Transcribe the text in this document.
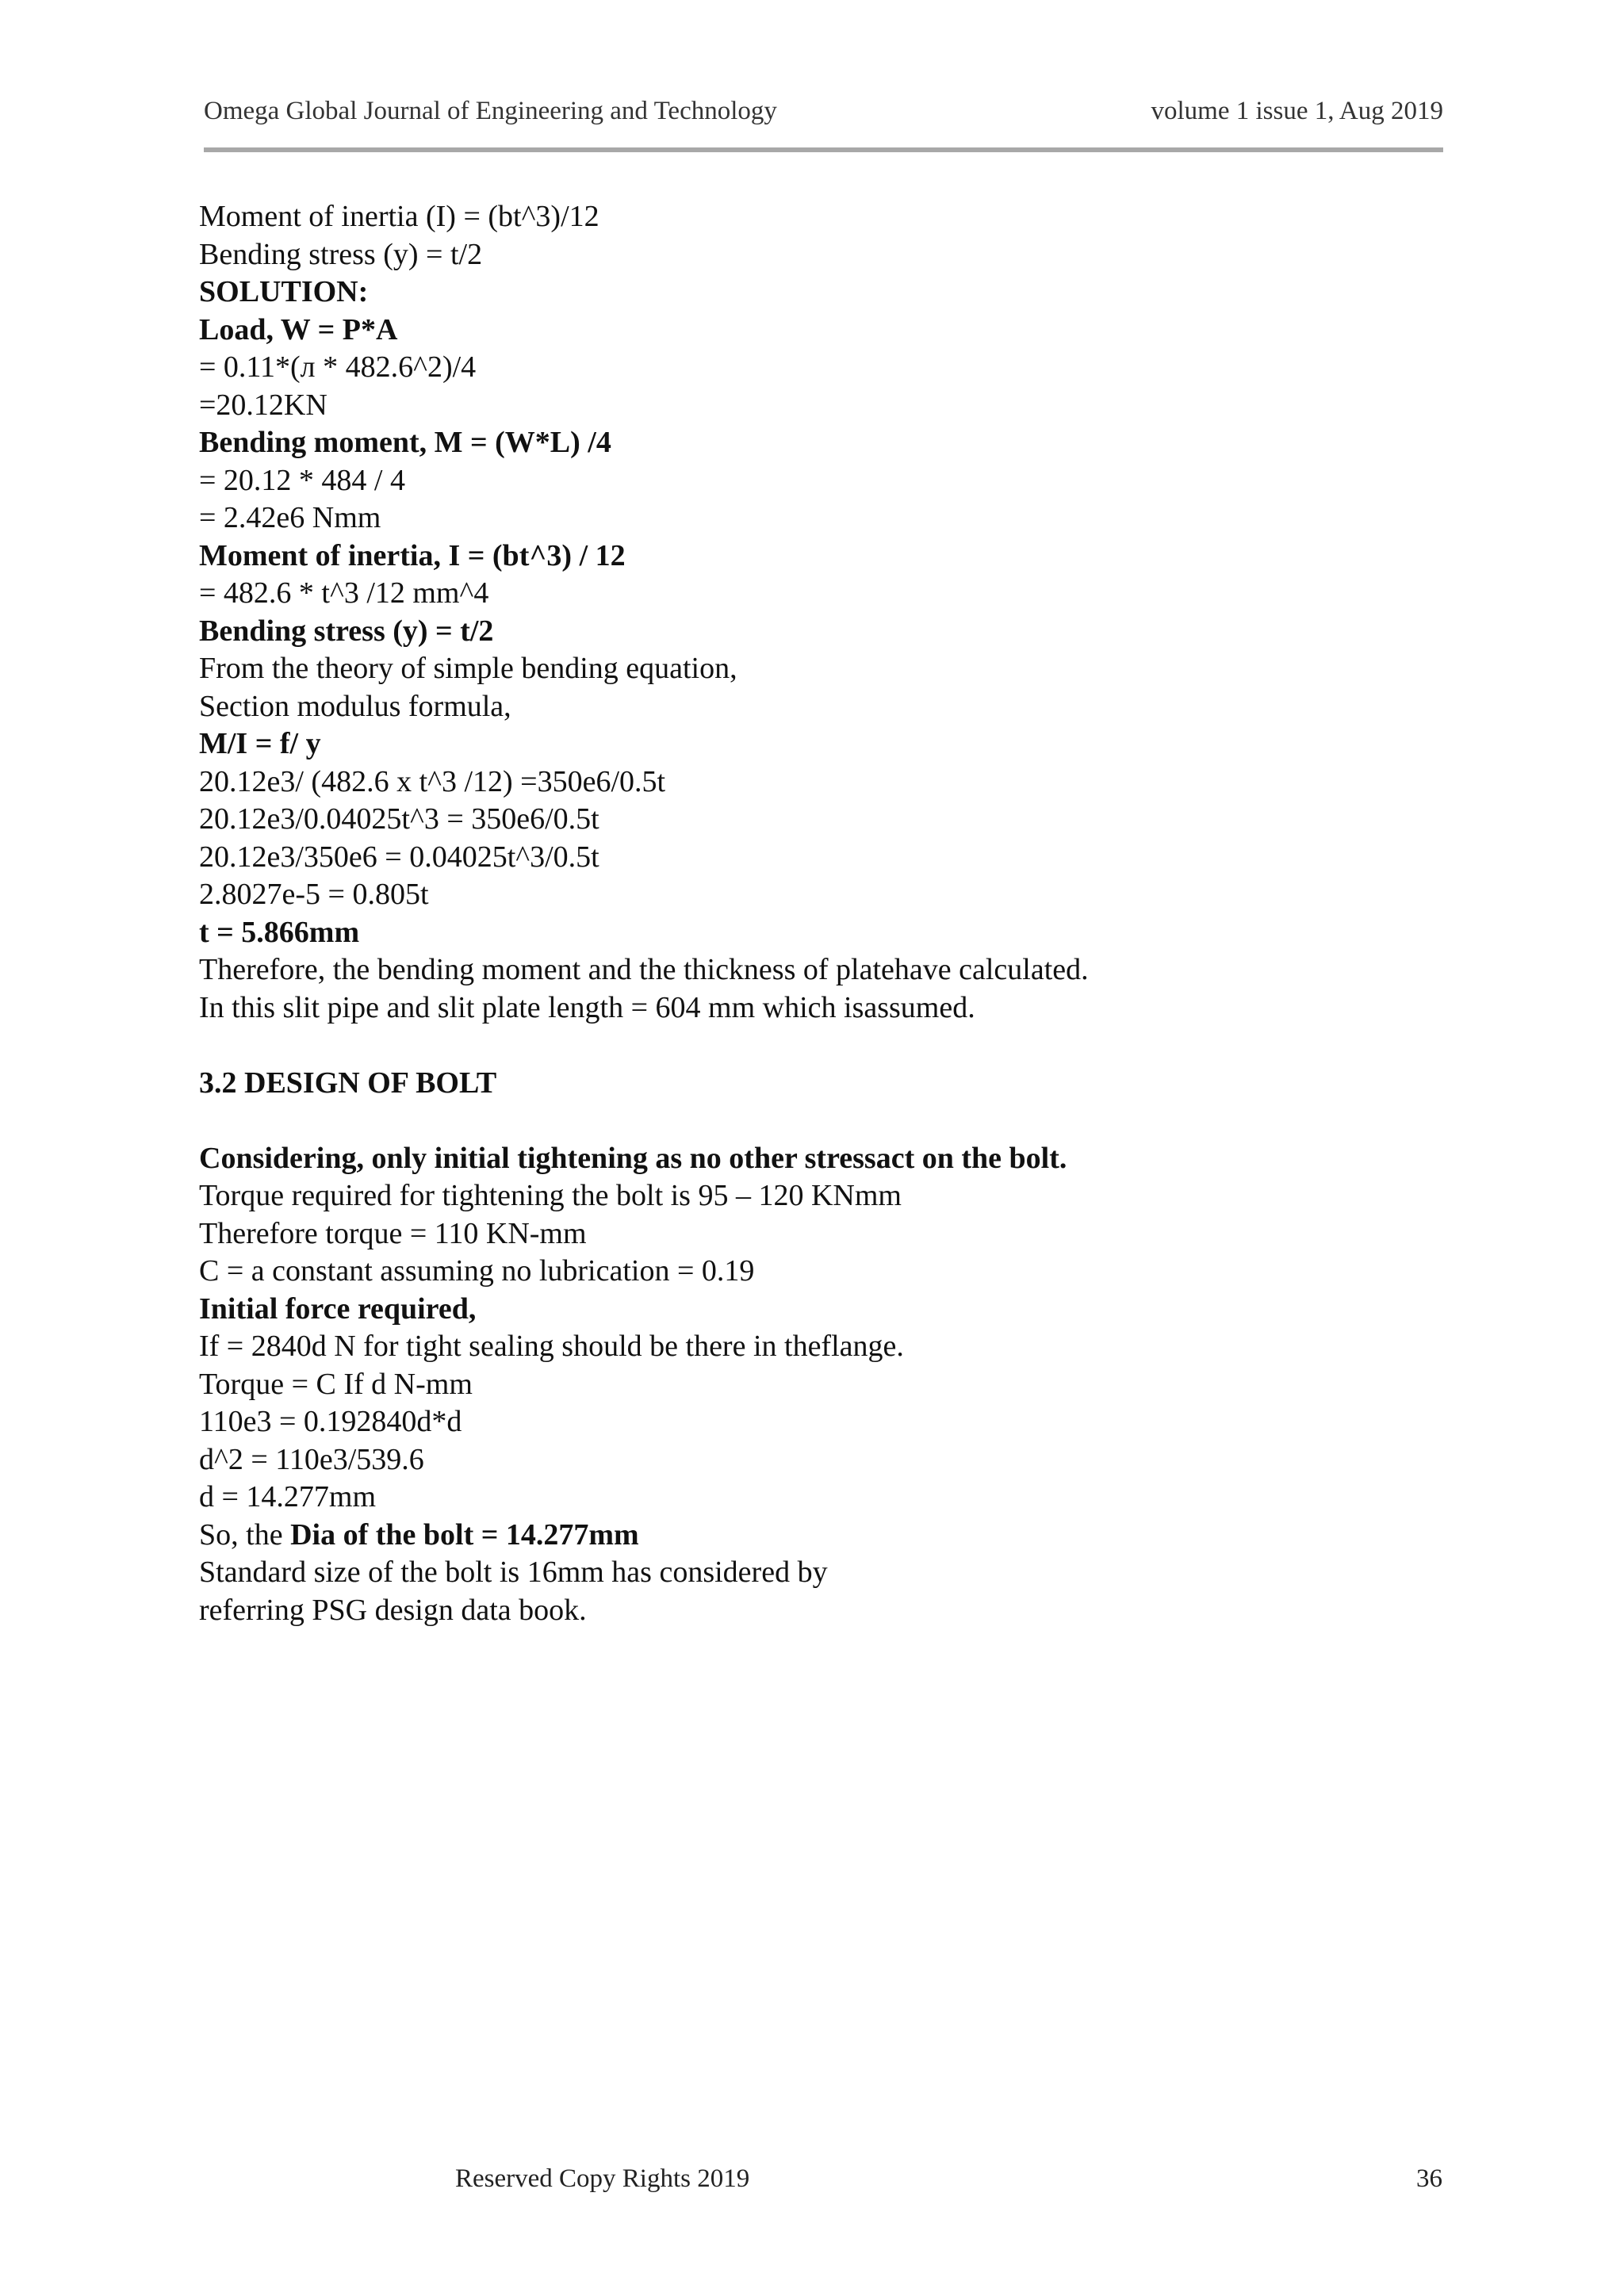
Omega Global Journal of Engineering and Technology	volume 1 issue 1, Aug 2019
Moment of inertia (I) = (bt^3)/12
Bending stress (y) = t/2
SOLUTION:
Load, W = P*A
= 0.11*(л * 482.6^2)/4
=20.12KN
Bending moment, M = (W*L) /4
= 20.12 * 484 / 4
= 2.42e6 Nmm
Moment of inertia, I = (bt^3) / 12
= 482.6 * t^3 /12 mm^4
Bending stress (y) = t/2
From the theory of simple bending equation,
Section modulus formula,
M/I = f/ y
20.12e3/ (482.6 x t^3 /12) =350e6/0.5t
20.12e3/0.04025t^3 = 350e6/0.5t
20.12e3/350e6 = 0.04025t^3/0.5t
2.8027e-5 = 0.805t
t = 5.866mm
Therefore, the bending moment and the thickness of platehave calculated.
In this slit pipe and slit plate length = 604 mm which isassumed.
3.2 DESIGN OF BOLT
Considering, only initial tightening as no other stressact on the bolt.
Torque required for tightening the bolt is 95 – 120 KNmm
Therefore torque = 110 KN-mm
C = a constant assuming no lubrication = 0.19
Initial force required,
If = 2840d N for tight sealing should be there in theflange.
Torque = C If d N-mm
110e3 = 0.192840d*d
d^2 = 110e3/539.6
d = 14.277mm
So, the Dia of the bolt = 14.277mm
Standard size of the bolt is 16mm has considered by
referring PSG design data book.
Reserved Copy Rights 2019	36
